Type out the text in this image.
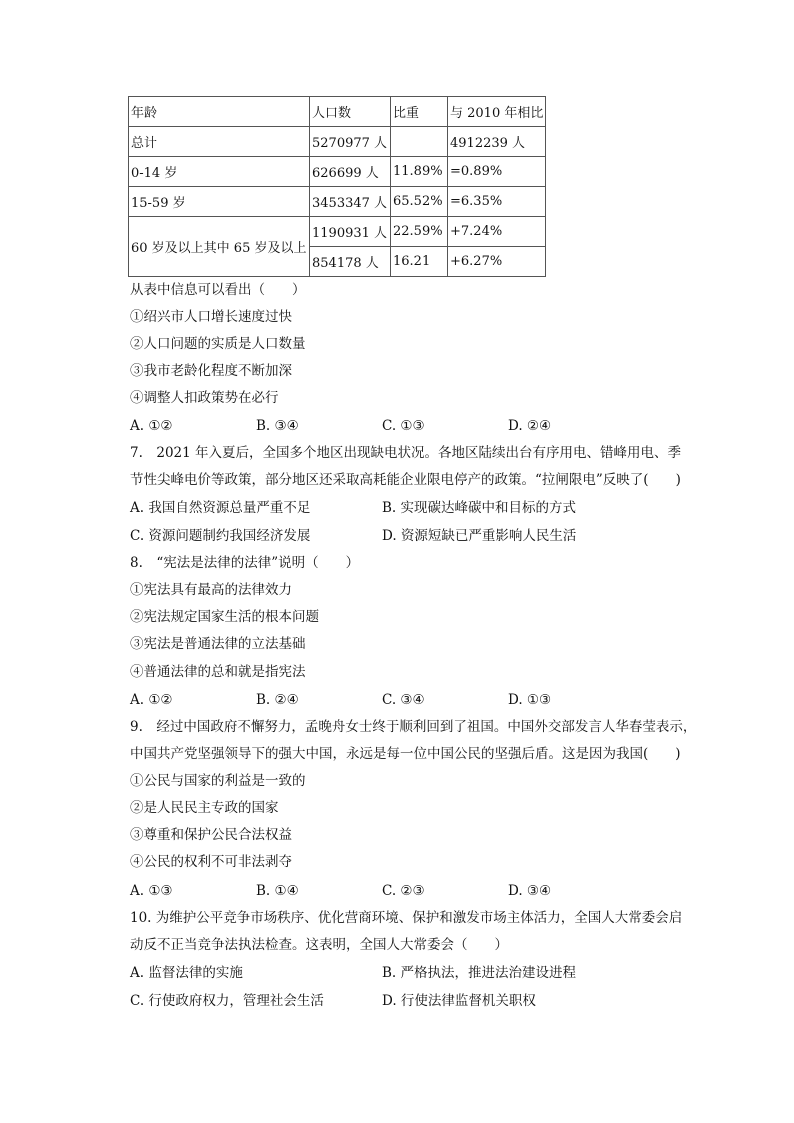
年龄	人口数	比重	与 2010 年相比
总计	5270977 人		4912239 人
0-14 岁	626699 人	11.89%	=0.89%
15-59 岁	3453347 人	65.52%	=6.35%
60 岁及以上其中 65 岁及以上	1190931 人	22.59%	+7.24%
	854178 人	16.21	+6.27%
从表中信息可以看出（　　）
①绍兴市人口增长速度过快
②人口问题的实质是人口数量
③我市老龄化程度不断加深
④调整人扣政策势在必行
A. ①②	B. ③④	C. ①③	D. ②④
7.　2021 年入夏后，全国多个地区出现缺电状况。各地区陆续出台有序用电、错峰用电、季
节性尖峰电价等政策，部分地区还采取高耗能企业限电停产的政策。“拉闸限电”反映了(　　)
A. 我国自然资源总量严重不足	B. 实现碳达峰碳中和目标的方式
C. 资源问题制约我国经济发展	D. 资源短缺已严重影响人民生活
8.　“宪法是法律的法律”说明（　　）
①宪法具有最高的法律效力
②宪法规定国家生活的根本问题
③宪法是普通法律的立法基础
④普通法律的总和就是指宪法
A. ①②	B. ②④	C. ③④	D. ①③
9.　经过中国政府不懈努力，孟晚舟女士终于顺利回到了祖国。中国外交部发言人华春莹表示，
中国共产党坚强领导下的强大中国，永远是每一位中国公民的坚强后盾。这是因为我国(　　)
①公民与国家的利益是一致的
②是人民民主专政的国家
③尊重和保护公民合法权益
④公民的权利不可非法剥夺
A. ①③	B. ①④	C. ②③	D. ③④
10. 为维护公平竞争市场秩序、优化营商环境、保护和激发市场主体活力，全国人大常委会启
动反不正当竞争法执法检查。这表明，全国人大常委会（　　）
A. 监督法律的实施	B. 严格执法，推进法治建设进程
C. 行使政府权力，管理社会生活	D. 行使法律监督机关职权
